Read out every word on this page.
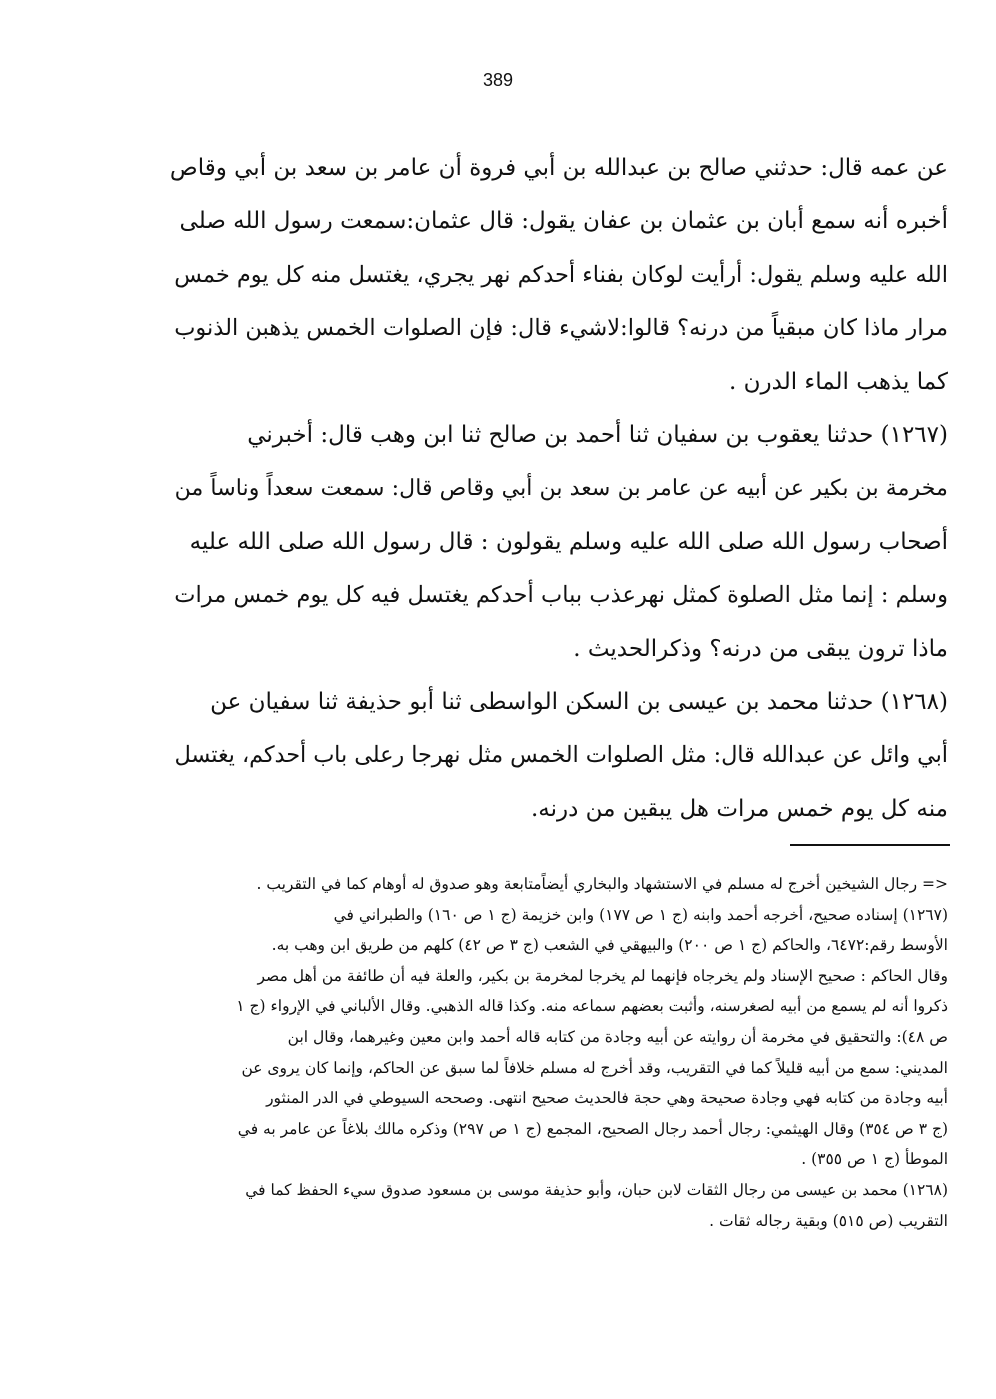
389
عن عمه قال: حدثني صالح بن عبدالله بن أبي فروة أن عامر بن سعد بن أبي وقاص
أخبره أنه سمع أبان بن عثمان بن عفان يقول: قال عثمان:سمعت رسول الله صلى
الله عليه وسلم يقول: أرأيت لوكان بفناء أحدكم نهر يجري، يغتسل منه كل يوم خمس
مرار ماذا كان مبقياً من درنه؟ قالوا:لاشيء قال: فإن الصلوات الخمس يذهبن الذنوب
كما يذهب الماء الدرن .
(١٢٦٧) حدثنا يعقوب بن سفيان ثنا أحمد بن صالح ثنا ابن وهب قال: أخبرني
مخرمة بن بكير عن أبيه عن عامر بن سعد بن أبي وقاص قال: سمعت سعداً وناساً من
أصحاب رسول الله صلى الله عليه وسلم يقولون : قال رسول الله صلى الله عليه
وسلم : إنما مثل الصلوة كمثل نهرعذب بباب أحدكم يغتسل فيه كل يوم خمس مرات
ماذا ترون يبقى من درنه؟ وذكرالحديث .
(١٢٦٨) حدثنا محمد بن عيسى بن السكن الواسطى ثنا أبو حذيفة ثنا سفيان عن
أبي وائل عن عبدالله قال: مثل الصلوات الخمس مثل نهرجا رعلى باب أحدكم، يغتسل
منه كل يوم خمس مرات هل يبقين من درنه.
<= رجال الشيخين أخرج له مسلم في الاستشهاد والبخاري أيضاًمتابعة وهو صدوق له أوهام كما في التقريب .
(١٢٦٧) إسناده صحيح، أخرجه أحمد وابنه (ج ١ ص ١٧٧) وابن خزيمة (ج ١ ص ١٦٠) والطبراني في
الأوسط رقم:٦٤٧٢، والحاكم (ج ١ ص ٢٠٠) والبيهقي في الشعب (ج ٣ ص ٤٢) كلهم من طريق ابن وهب به.
وقال الحاكم : صحيح الإسناد ولم يخرجاه فإنهما لم يخرجا لمخرمة بن بكير، والعلة فيه أن طائفة من أهل مصر
ذكروا أنه لم يسمع من أبيه لصغرسنه، وأثبت بعضهم سماعه منه. وكذا قاله الذهبي. وقال الألباني في الإرواء (ج ١
ص ٤٨): والتحقيق في مخرمة أن روايته عن أبيه وجادة من كتابه قاله أحمد وابن معين وغيرهما، وقال ابن
المديني: سمع من أبيه قليلاً كما في التقريب، وقد أخرج له مسلم خلافاً لما سبق عن الحاكم، وإنما كان يروى عن
أبيه وجادة من كتابه فهي وجادة صحيحة وهي حجة فالحديث صحيح انتهى. وصححه السيوطي في الدر المنثور
(ج ٣ ص ٣٥٤) وقال الهيثمي: رجال أحمد رجال الصحيح، المجمع (ج ١ ص ٢٩٧) وذكره مالك بلاغاً عن عامر به في
الموطأ (ج ١ ص ٣٥٥) .
(١٢٦٨) محمد بن عيسى من رجال الثقات لابن حبان، وأبو حذيفة موسى بن مسعود صدوق سيء الحفظ كما في
التقريب (ص ٥١٥) وبقية رجاله ثقات .
